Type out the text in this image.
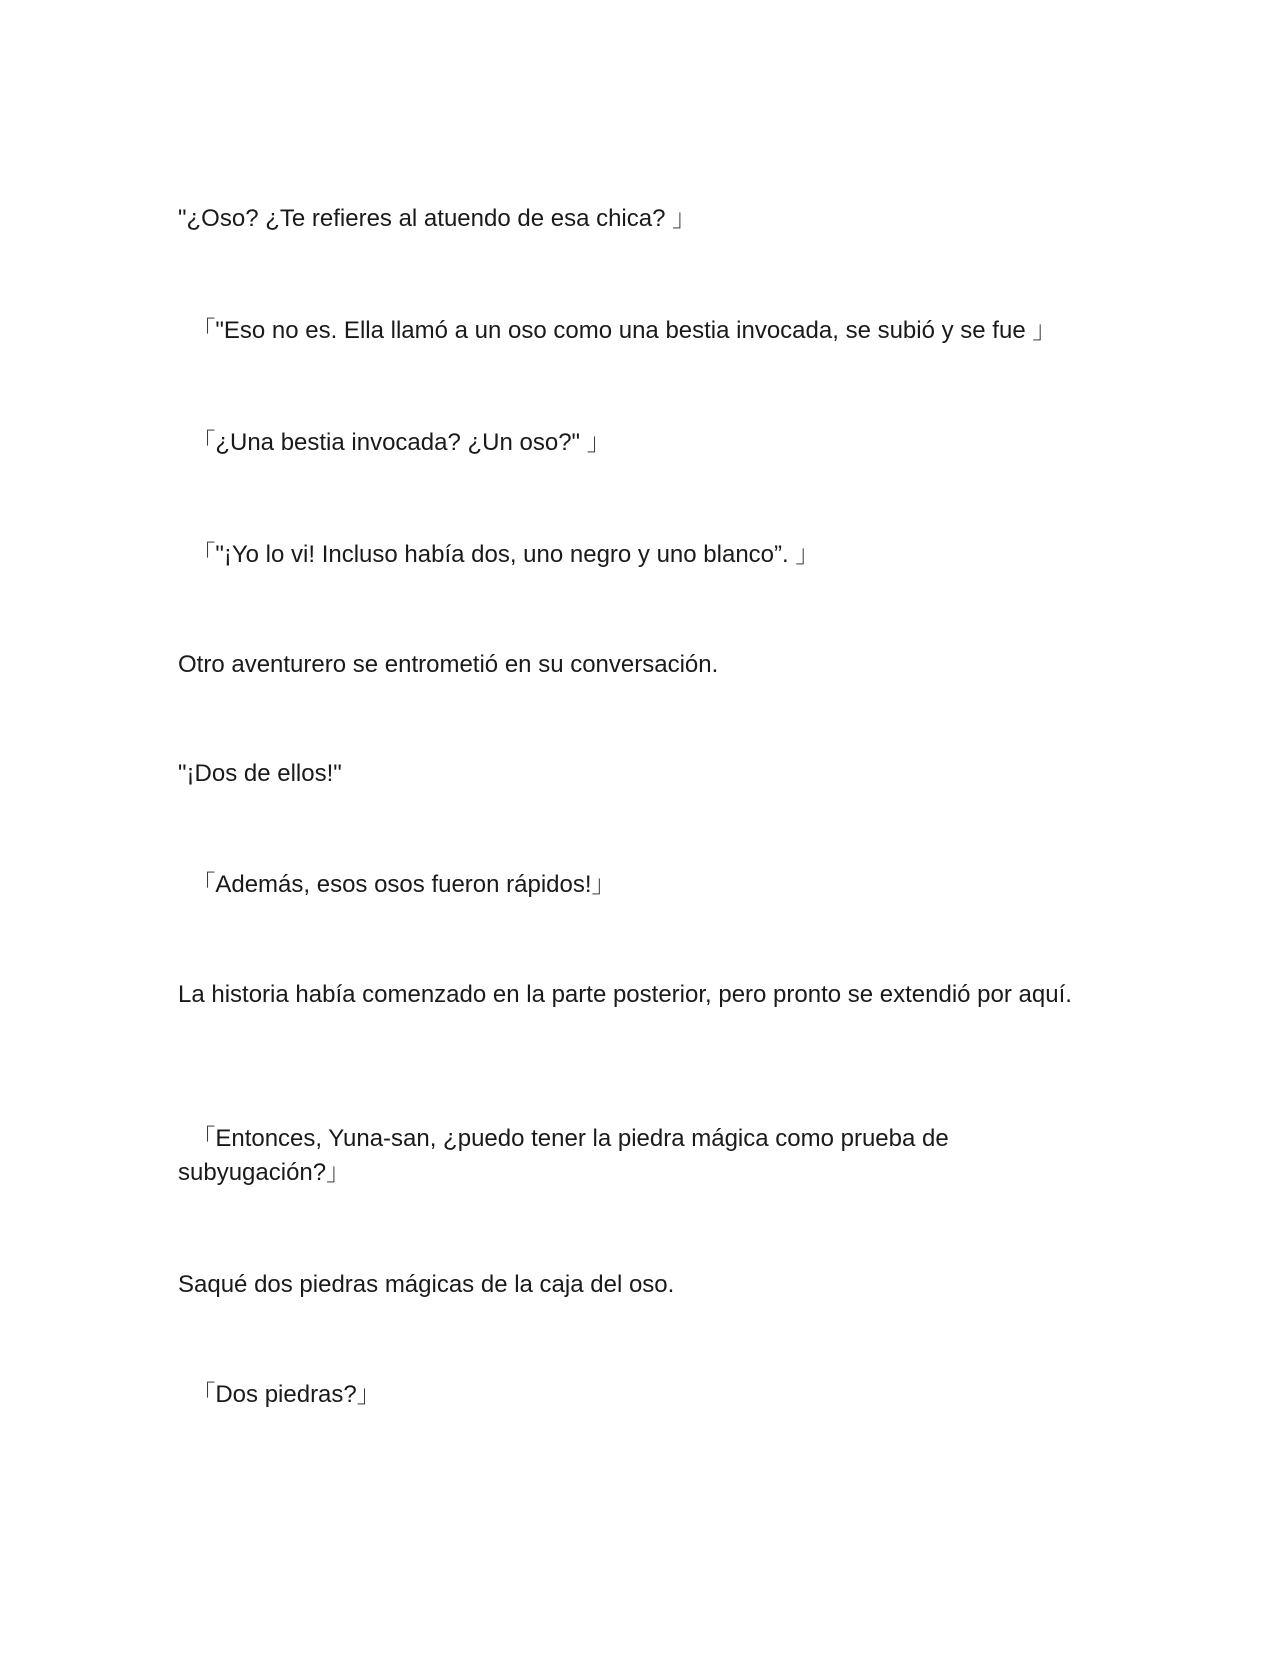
"¿Oso? ¿Te refieres al atuendo de esa chica? 」

「"Eso no es. Ella llamó a un oso como una bestia invocada, se subió y se fue 」

「¿Una bestia invocada? ¿Un oso?" 」

「"¡Yo lo vi! Incluso había dos, uno negro y uno blanco”. 」

Otro aventurero se entrometió en su conversación.

"¡Dos de ellos!"

「Además, esos osos fueron rápidos!」

La historia había comenzado en la parte posterior, pero pronto se extendió por aquí.

「Entonces, Yuna-san, ¿puedo tener la piedra mágica como prueba de subyugación?」

Saqué dos piedras mágicas de la caja del oso.

「Dos piedras?」
